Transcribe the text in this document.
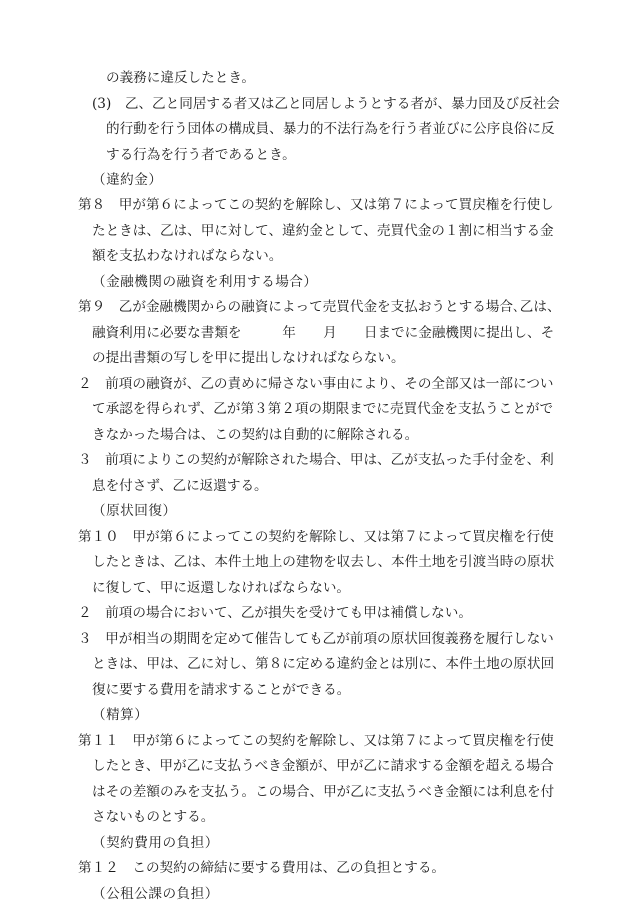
の義務に違反したとき。
(3)　乙、乙と同居する者又は乙と同居しようとする者が、暴力団及び反社会
的行動を行う団体の構成員、暴力的不法行為を行う者並びに公序良俗に反
する行為を行う者であるとき。
（違約金）
第８　甲が第６によってこの契約を解除し、又は第７によって買戻権を行使し
たときは、乙は、甲に対して、違約金として、売買代金の１割に相当する金
額を支払わなければならない。
（金融機関の融資を利用する場合）
第９　乙が金融機関からの融資によって売買代金を支払おうとする場合､乙は、
融資利用に必要な書類を　　　年　　月　　日までに金融機関に提出し、そ
の提出書類の写しを甲に提出しなければならない。
２　前項の融資が、乙の責めに帰さない事由により、その全部又は一部につい
て承認を得られず、乙が第３第２項の期限までに売買代金を支払うことがで
きなかった場合は、この契約は自動的に解除される。
３　前項によりこの契約が解除された場合、甲は、乙が支払った手付金を、利
息を付さず、乙に返還する。
（原状回復）
第１０　甲が第６によってこの契約を解除し、又は第７によって買戻権を行使
したときは、乙は、本件土地上の建物を収去し、本件土地を引渡当時の原状
に復して、甲に返還しなければならない。
２　前項の場合において、乙が損失を受けても甲は補償しない。
３　甲が相当の期間を定めて催告しても乙が前項の原状回復義務を履行しない
ときは、甲は、乙に対し、第８に定める違約金とは別に、本件土地の原状回
復に要する費用を請求することができる。
（精算）
第１１　甲が第６によってこの契約を解除し、又は第７によって買戻権を行使
したとき、甲が乙に支払うべき金額が、甲が乙に請求する金額を超える場合
はその差額のみを支払う。この場合、甲が乙に支払うべき金額には利息を付
さないものとする。
（契約費用の負担）
第１２　この契約の締結に要する費用は、乙の負担とする。
（公租公課の負担）
